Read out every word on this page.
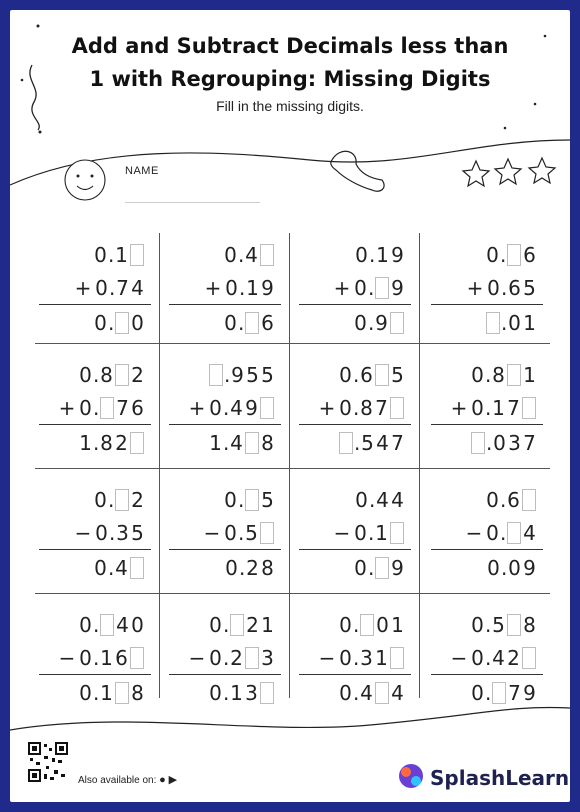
Add and Subtract Decimals less than
1 with Regrouping: Missing Digits
Fill in the missing digits.
NAME
0 . 1
+ 0 . 7 4
0 . 0
0 . 4
+ 0 . 1 9
0 . 6
0 . 1 9
+ 0 . 9
0 . 9
0 . 6
+ 0 . 6 5
. 0 1
0 . 8 2
+ 0 . 7 6
1 . 8 2
. 9 5 5
+ 0 . 4 9
1 . 4 8
0 . 6 5
+ 0 . 8 7
. 5 4 7
0 . 8 1
+ 0 . 1 7
. 0 3 7
0 . 2
− 0 . 3 5
0 . 4
0 . 5
− 0 . 5
0 . 2 8
0 . 4 4
− 0 . 1
0 . 9
0 . 6
− 0 . 4
0 . 0 9
0 . 4 0
− 0 . 1 6
0 . 1 8
0 . 2 1
− 0 . 2 3
0 . 1 3
0 . 0 1
− 0 . 3 1
0 . 4 4
0 . 5 8
− 0 . 4 2
0 . 7 9
Also available on: ● ▶	SplashLearn
